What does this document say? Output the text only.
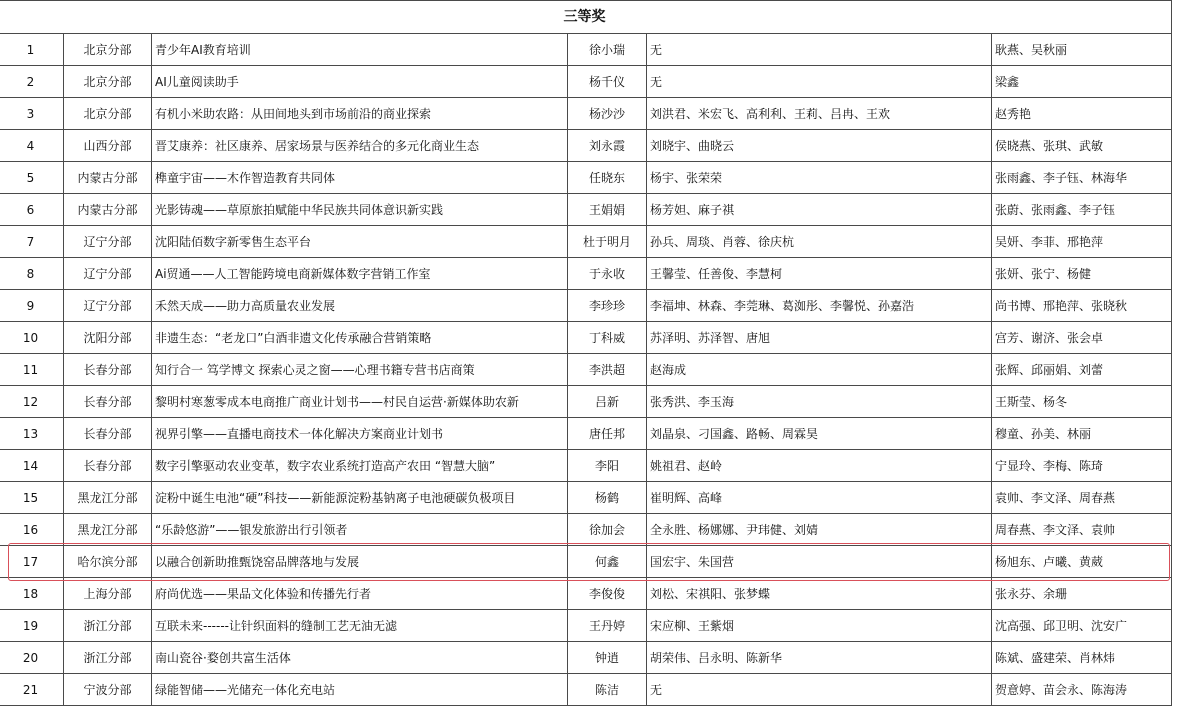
三等奖					
1	北京分部	青少年AI教育培训	徐小瑞	无	耿燕、吴秋丽
2	北京分部	AI儿童阅读助手	杨千仪	无	梁鑫
3	北京分部	有机小米助农路：从田间地头到市场前沿的商业探索	杨沙沙	刘洪君、米宏飞、高利利、王莉、吕冉、王欢	赵秀艳
4	山西分部	晋艾康养：社区康养、居家场景与医养结合的多元化商业生态	刘永霞	刘晓宇、曲晓云	侯晓燕、张琪、武敏
5	内蒙古分部	榫童宇宙——木作智造教育共同体	任晓东	杨宇、张荣荣	张雨鑫、李子钰、林海华
6	内蒙古分部	光影铸魂——草原旅拍赋能中华民族共同体意识新实践	王娟娟	杨芳妲、麻子祺	张蔚、张雨鑫、李子钰
7	辽宁分部	沈阳陆佰数字新零售生态平台	杜于明月	孙兵、周琰、肖蓉、徐庆杭	吴妍、李菲、邢艳萍
8	辽宁分部	Ai贸通——人工智能跨境电商新媒体数字营销工作室	于永收	王馨莹、任善俊、李慧柯	张妍、张宁、杨健
9	辽宁分部	禾然天成——助力高质量农业发展	李珍珍	李福坤、林森、李莞琳、葛洳彤、李馨悦、孙嘉浩	尚书博、邢艳萍、张晓秋
10	沈阳分部	非遗生态：“老龙口”白酒非遗文化传承融合营销策略	丁科威	苏泽明、苏泽智、唐旭	宫芳、谢济、张会卓
11	长春分部	知行合一 笃学博文 探索心灵之窗——心理书籍专营书店商策	李洪超	赵海成	张辉、邱丽娟、刘蕾
12	长春分部	黎明村寒葱零成本电商推广商业计划书——村民自运营·新媒体助农新	吕新	张秀洪、李玉海	王斯莹、杨冬
13	长春分部	视界引擎——直播电商技术一体化解决方案商业计划书	唐任邦	刘晶泉、刁国鑫、路畅、周霖昊	穆童、孙美、林丽
14	长春分部	数字引擎驱动农业变革，数字农业系统打造高产农田 “智慧大脑”	李阳	姚祖君、赵岭	宁显玲、李梅、陈琦
15	黑龙江分部	淀粉中诞生电池“硬”科技——新能源淀粉基钠离子电池硬碳负极项目	杨鹤	崔明辉、高峰	袁帅、李文泽、周春燕
16	黑龙江分部	“乐龄悠游”——银发旅游出行引领者	徐加会	全永胜、杨娜娜、尹玮健、刘婧	周春燕、李文泽、袁帅
17	哈尔滨分部	以融合创新助推甄饶窑品牌落地与发展	何鑫	国宏宇、朱国营	杨旭东、卢曦、黄葳
18	上海分部	府尚优选——果品文化体验和传播先行者	李俊俊	刘松、宋祺阳、张梦蝶	张永芬、余珊
19	浙江分部	互联未来------让针织面料的缝制工艺无油无滤	王丹婷	宋应柳、王紫烟	沈高强、邱卫明、沈安广
20	浙江分部	南山瓷谷·婺创共富生活体	钟逍	胡荣伟、吕永明、陈新华	陈斌、盛建荣、肖林炜
21	宁波分部	绿能智储——光储充一体化充电站	陈洁	无	贺意婷、苗会永、陈海涛
